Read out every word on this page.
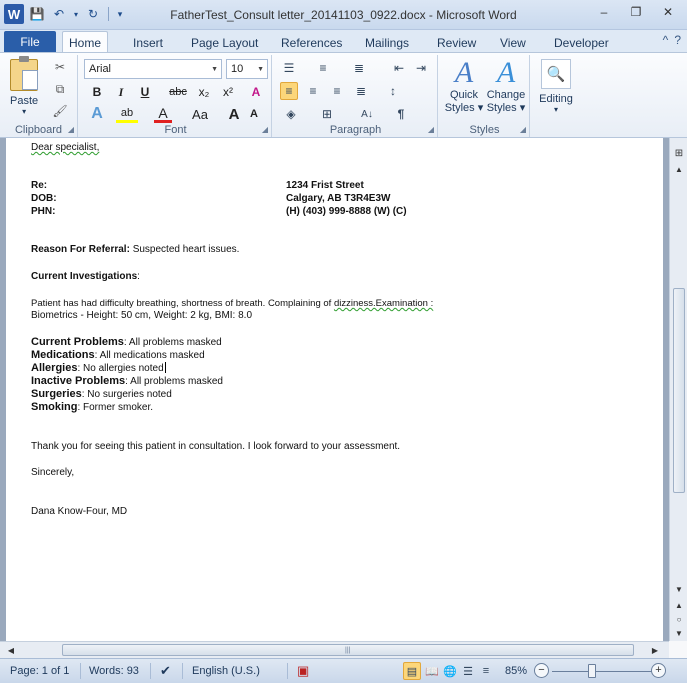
W 💾 ↶	▾ ↻	▾	FatherTest_Consult letter_20141103_0922.docx - Microsoft Word	–	❐	✕
File	Home	Insert	Page Layout	References	Mailings	Review	View	Developer	^ ?
Paste
▾
✂
⧉
🖌
Clipboard ◢
Arial	▼ 10 ▼
B	I	U	abc x₂	x²	A
A	ab	A	Aa A A
Font	◢
☰	≡	≣	⇤ ⇥
≡	≡	≡	≣	↕
◈	⊞	A↓	¶
Paragraph	◢
A
Quick
Styles ▾
A
Change
Styles ▾
Styles	◢
🔍
Editing
▾
Dear specialist,
Re:
DOB:
PHN:
1234 Frist Street
Calgary, AB T3R4E3W
(H) (403) 999-8888 (W) (C)
Reason For Referral: Suspected heart issues.
Current Investigations:
Patient has had difficulty breathing, shortness of breath. Complaining of dizziness.Examination :
Biometrics - Height: 50 cm, Weight: 2 kg, BMI: 8.0
Current Problems: All problems masked
Medications: All medications masked
Allergies: No allergies noted
Inactive Problems: All problems masked
Surgeries: No surgeries noted
Smoking: Former smoker.
Thank you for seeing this patient in consultation. I look forward to your assessment.
Sincerely,
Dana Know-Four, MD
⊞
▲
▼
▲
○
▼
◀	|||	▶
Page: 1 of 1 Words: 93 ✔ English (U.S.)	▣	▤ 📖 🌐 ☰ ≡	85%	−	+
